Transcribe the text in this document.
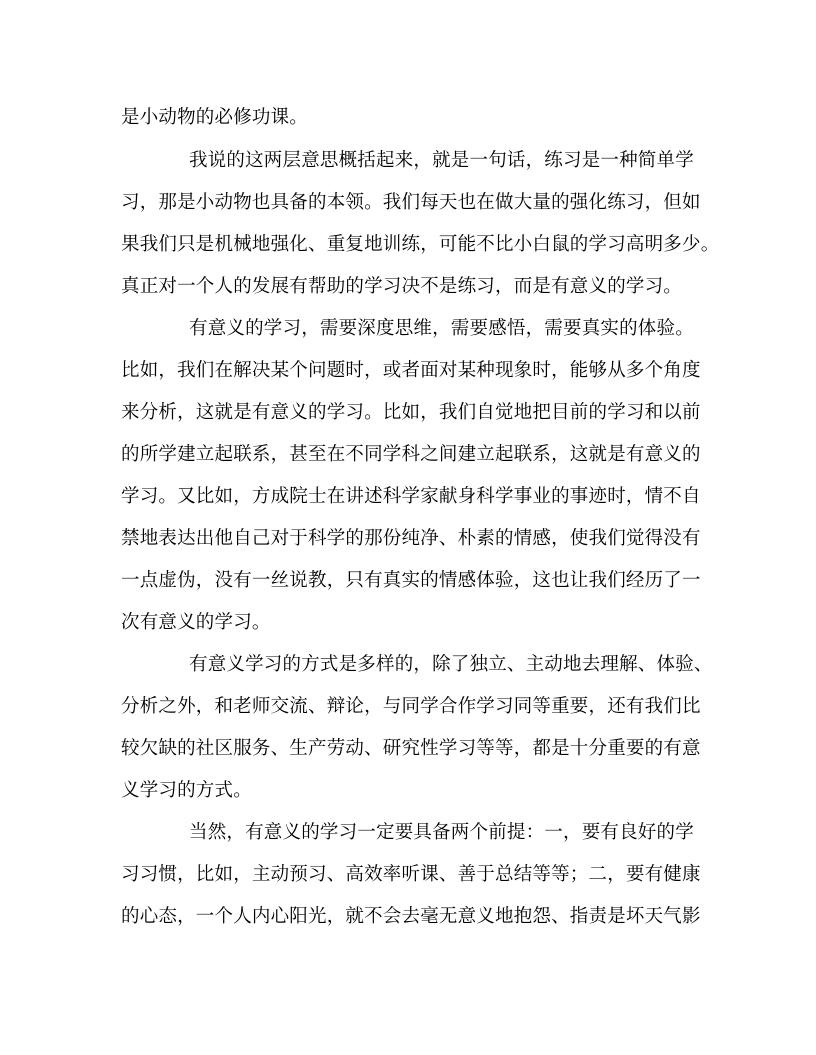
是小动物的必修功课。
我说的这两层意思概括起来，就是一句话，练习是一种简单学
习，那是小动物也具备的本领。我们每天也在做大量的强化练习，但如
果我们只是机械地强化、重复地训练，可能不比小白鼠的学习高明多少。
真正对一个人的发展有帮助的学习决不是练习，而是有意义的学习。
有意义的学习，需要深度思维，需要感悟，需要真实的体验。
比如，我们在解决某个问题时，或者面对某种现象时，能够从多个角度
来分析，这就是有意义的学习。比如，我们自觉地把目前的学习和以前
的所学建立起联系，甚至在不同学科之间建立起联系，这就是有意义的
学习。又比如，方成院士在讲述科学家献身科学事业的事迹时，情不自
禁地表达出他自己对于科学的那份纯净、朴素的情感，使我们觉得没有
一点虚伪，没有一丝说教，只有真实的情感体验，这也让我们经历了一
次有意义的学习。
有意义学习的方式是多样的，除了独立、主动地去理解、体验、
分析之外，和老师交流、辩论，与同学合作学习同等重要，还有我们比
较欠缺的社区服务、生产劳动、研究性学习等等，都是十分重要的有意
义学习的方式。
当然，有意义的学习一定要具备两个前提：一，要有良好的学
习习惯，比如，主动预习、高效率听课、善于总结等等；二，要有健康
的心态，一个人内心阳光，就不会去毫无意义地抱怨、指责是坏天气影
